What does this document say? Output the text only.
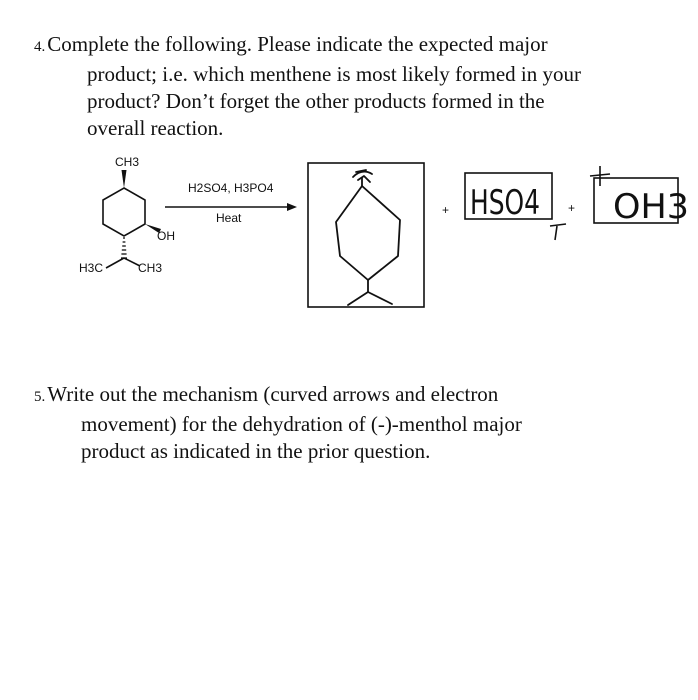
4.Complete the following. Please indicate the expected major
product; i.e. which menthene is most likely formed in your
product? Don’t forget the other products formed in the
overall reaction.
CH3
OH
H3C	CH3
H2SO4, H3PO4
Heat
+	+
HSO4 OH3
5.Write out the mechanism (curved arrows and electron
movement) for the dehydration of (-)-menthol major
product as indicated in the prior question.
